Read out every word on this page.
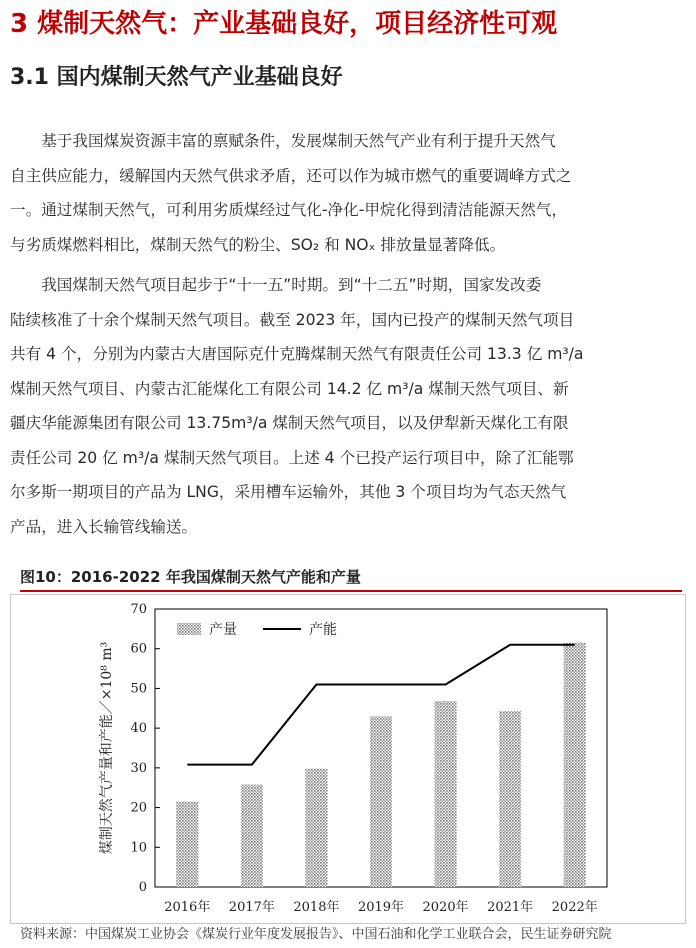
3 煤制天然气：产业基础良好，项目经济性可观
3.1 国内煤制天然气产业基础良好

　　基于我国煤炭资源丰富的禀赋条件，发展煤制天然气产业有利于提升天然气

自主供应能力，缓解国内天然气供求矛盾，还可以作为城市燃气的重要调峰方式之

一。通过煤制天然气，可利用劣质煤经过气化-净化-甲烷化得到清洁能源天然气，

与劣质煤燃料相比，煤制天然气的粉尘、SO₂ 和 NOₓ 排放量显著降低。

　　我国煤制天然气项目起步于“十一五”时期。到“十二五”时期，国家发改委

陆续核准了十余个煤制天然气项目。截至 2023 年，国内已投产的煤制天然气项目

共有 4 个，分别为内蒙古大唐国际克什克腾煤制天然气有限责任公司 13.3 亿 m³/a

煤制天然气项目、内蒙古汇能煤化工有限公司 14.2 亿 m³/a 煤制天然气项目、新

疆庆华能源集团有限公司 13.75m³/a 煤制天然气项目，以及伊犁新天煤化工有限

责任公司 20 亿 m³/a 煤制天然气项目。上述 4 个已投产运行项目中，除了汇能鄂

尔多斯一期项目的产品为 LNG，采用槽车运输外，其他 3 个项目均为气态天然气

产品，进入长输管线输送。

图10：2016-2022 年我国煤制天然气产能和产量
0
10
20
30
40
50
60
70
2016年 2017年 2018年 2019年 2020年 2021年 2022年
产量	产能
煤制天然气产量和产能／×10⁸ m³
资料来源：中国煤炭工业协会《煤炭行业年度发展报告》、中国石油和化学工业联合会，民生证券研究院
